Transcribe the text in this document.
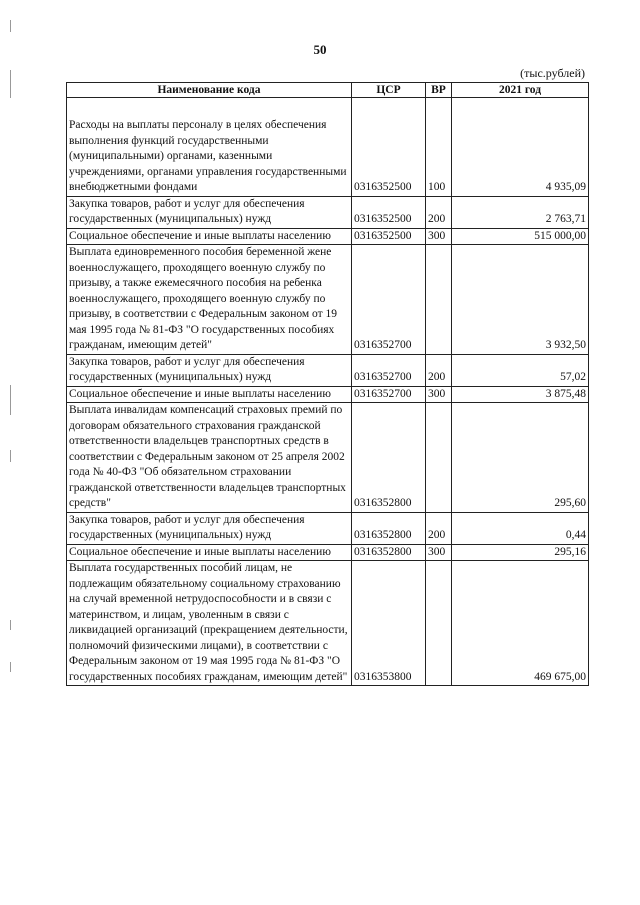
50
(тыс.рублей)
Наименование кода	ЦСР	ВР	2021 год
Расходы на выплаты персоналу в целях обеспечения выполнения функций государственными (муниципальными) органами, казенными учреждениями, органами управления государственными внебюджетными фондами	0316352500	100	4 935,09
Закупка товаров, работ и услуг для обеспечения государственных (муниципальных) нужд	0316352500	200	2 763,71
Социальное обеспечение и иные выплаты населению	0316352500	300	515 000,00
Выплата единовременного пособия беременной жене военнослужащего, проходящего военную службу по призыву, а также ежемесячного пособия на ребенка военнослужащего, проходящего военную службу по призыву, в соответствии с Федеральным законом от 19 мая 1995 года № 81-ФЗ "О государственных пособиях гражданам, имеющим детей"	0316352700		3 932,50
Закупка товаров, работ и услуг для обеспечения государственных (муниципальных) нужд	0316352700	200	57,02
Социальное обеспечение и иные выплаты населению	0316352700	300	3 875,48
Выплата инвалидам компенсаций страховых премий по договорам обязательного страхования гражданской ответственности владельцев транспортных средств в соответствии с Федеральным законом от 25 апреля 2002 года № 40-ФЗ "Об обязательном страховании гражданской ответственности владельцев транспортных средств"	0316352800		295,60
Закупка товаров, работ и услуг для обеспечения государственных (муниципальных) нужд	0316352800	200	0,44
Социальное обеспечение и иные выплаты населению	0316352800	300	295,16
Выплата государственных пособий лицам, не подлежащим обязательному социальному страхованию на случай временной нетрудоспособности и в связи с материнством, и лицам, уволенным в связи с ликвидацией организаций (прекращением деятельности, полномочий физическими лицами), в соответствии с Федеральным законом от 19 мая 1995 года № 81-ФЗ "О государственных пособиях гражданам, имеющим детей"	0316353800		469 675,00
